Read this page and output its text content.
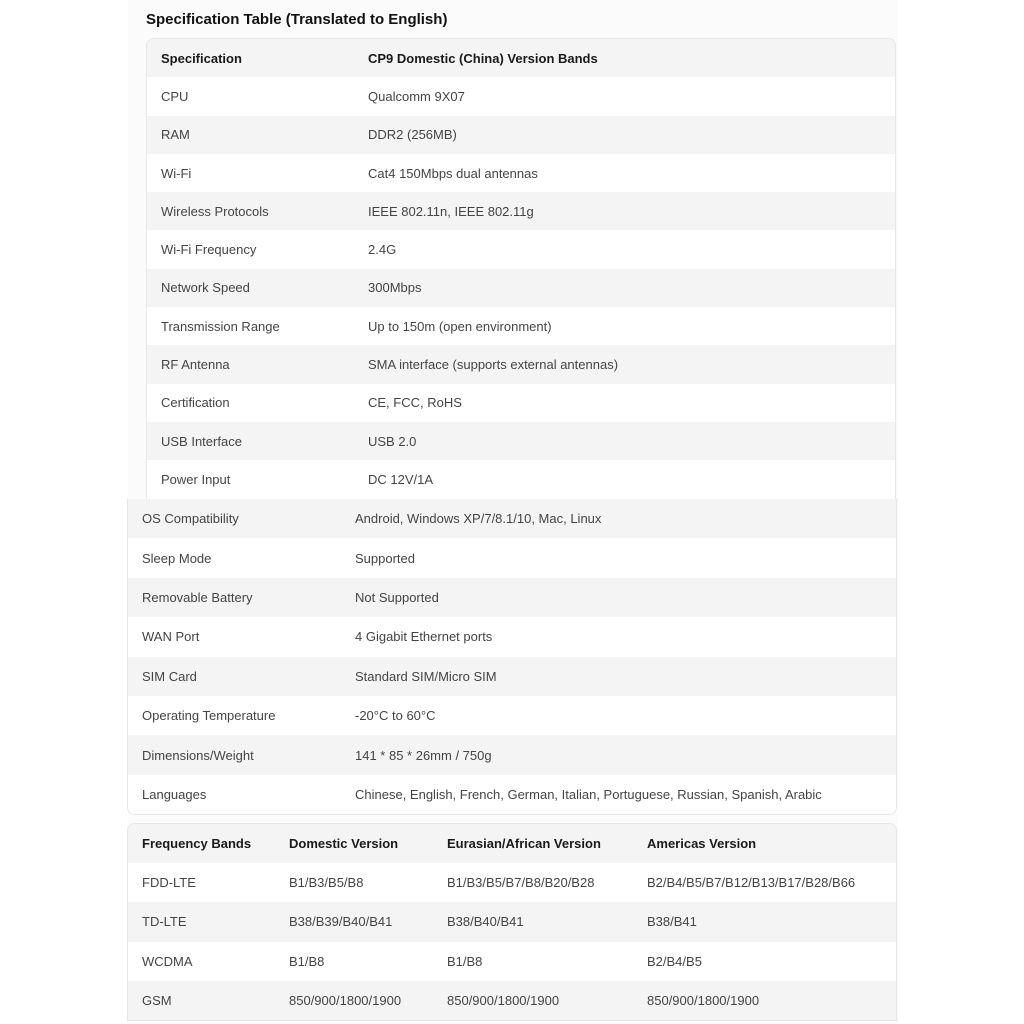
Specification Table (Translated to English)
Specification	CP9 Domestic (China) Version Bands
CPU	Qualcomm 9X07
RAM	DDR2 (256MB)
Wi-Fi	Cat4 150Mbps dual antennas
Wireless Protocols	IEEE 802.11n, IEEE 802.11g
Wi-Fi Frequency	2.4G
Network Speed	300Mbps
Transmission Range	Up to 150m (open environment)
RF Antenna	SMA interface (supports external antennas)
Certification	CE, FCC, RoHS
USB Interface	USB 2.0
Power Input	DC 12V/1A
OS Compatibility	Android, Windows XP/7/8.1/10, Mac, Linux
Sleep Mode	Supported
Removable Battery	Not Supported
WAN Port	4 Gigabit Ethernet ports
SIM Card	Standard SIM/Micro SIM
Operating Temperature	-20°C to 60°C
Dimensions/Weight	141 * 85 * 26mm / 750g
Languages	Chinese, English, French, German, Italian, Portuguese, Russian, Spanish, Arabic
Frequency Bands	Domestic Version	Eurasian/African Version	Americas Version
FDD-LTE	B1/B3/B5/B8	B1/B3/B5/B7/B8/B20/B28	B2/B4/B5/B7/B12/B13/B17/B28/B66
TD-LTE	B38/B39/B40/B41	B38/B40/B41	B38/B41
WCDMA	B1/B8	B1/B8	B2/B4/B5
GSM	850/900/1800/1900	850/900/1800/1900	850/900/1800/1900
